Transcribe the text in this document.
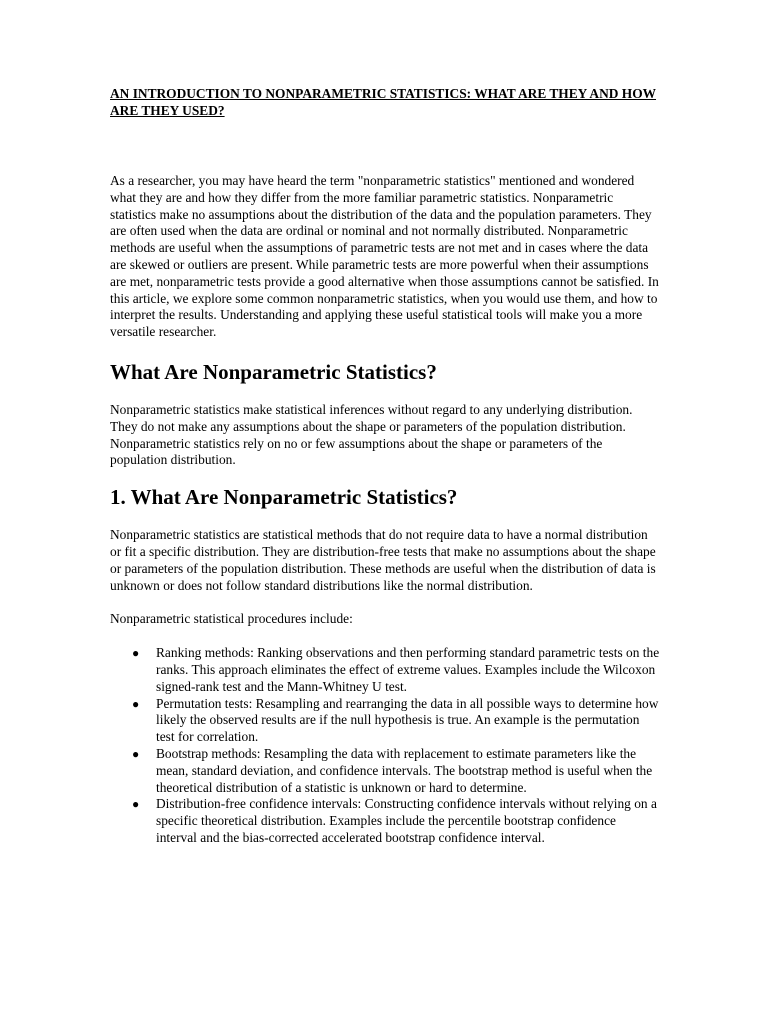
AN INTRODUCTION TO NONPARAMETRIC STATISTICS: WHAT ARE THEY AND HOW ARE THEY USED?

As a researcher, you may have heard the term "nonparametric statistics" mentioned and wondered what they are and how they differ from the more familiar parametric statistics. Nonparametric statistics make no assumptions about the distribution of the data and the population parameters. They are often used when the data are ordinal or nominal and not normally distributed. Nonparametric methods are useful when the assumptions of parametric tests are not met and in cases where the data are skewed or outliers are present. While parametric tests are more powerful when their assumptions are met, nonparametric tests provide a good alternative when those assumptions cannot be satisfied. In this article, we explore some common nonparametric statistics, when you would use them, and how to interpret the results. Understanding and applying these useful statistical tools will make you a more versatile researcher.

What Are Nonparametric Statistics?

Nonparametric statistics make statistical inferences without regard to any underlying distribution. They do not make any assumptions about the shape or parameters of the population distribution. Nonparametric statistics rely on no or few assumptions about the shape or parameters of the population distribution.

1. What Are Nonparametric Statistics?

Nonparametric statistics are statistical methods that do not require data to have a normal distribution or fit a specific distribution. They are distribution-free tests that make no assumptions about the shape or parameters of the population distribution. These methods are useful when the distribution of data is unknown or does not follow standard distributions like the normal distribution.

Nonparametric statistical procedures include:

● Ranking methods: Ranking observations and then performing standard parametric tests on the ranks. This approach eliminates the effect of extreme values. Examples include the Wilcoxon signed-rank test and the Mann-Whitney U test.
● Permutation tests: Resampling and rearranging the data in all possible ways to determine how likely the observed results are if the null hypothesis is true. An example is the permutation test for correlation.
● Bootstrap methods: Resampling the data with replacement to estimate parameters like the mean, standard deviation, and confidence intervals. The bootstrap method is useful when the theoretical distribution of a statistic is unknown or hard to determine.
● Distribution-free confidence intervals: Constructing confidence intervals without relying on a specific theoretical distribution. Examples include the percentile bootstrap confidence interval and the bias-corrected accelerated bootstrap confidence interval.
